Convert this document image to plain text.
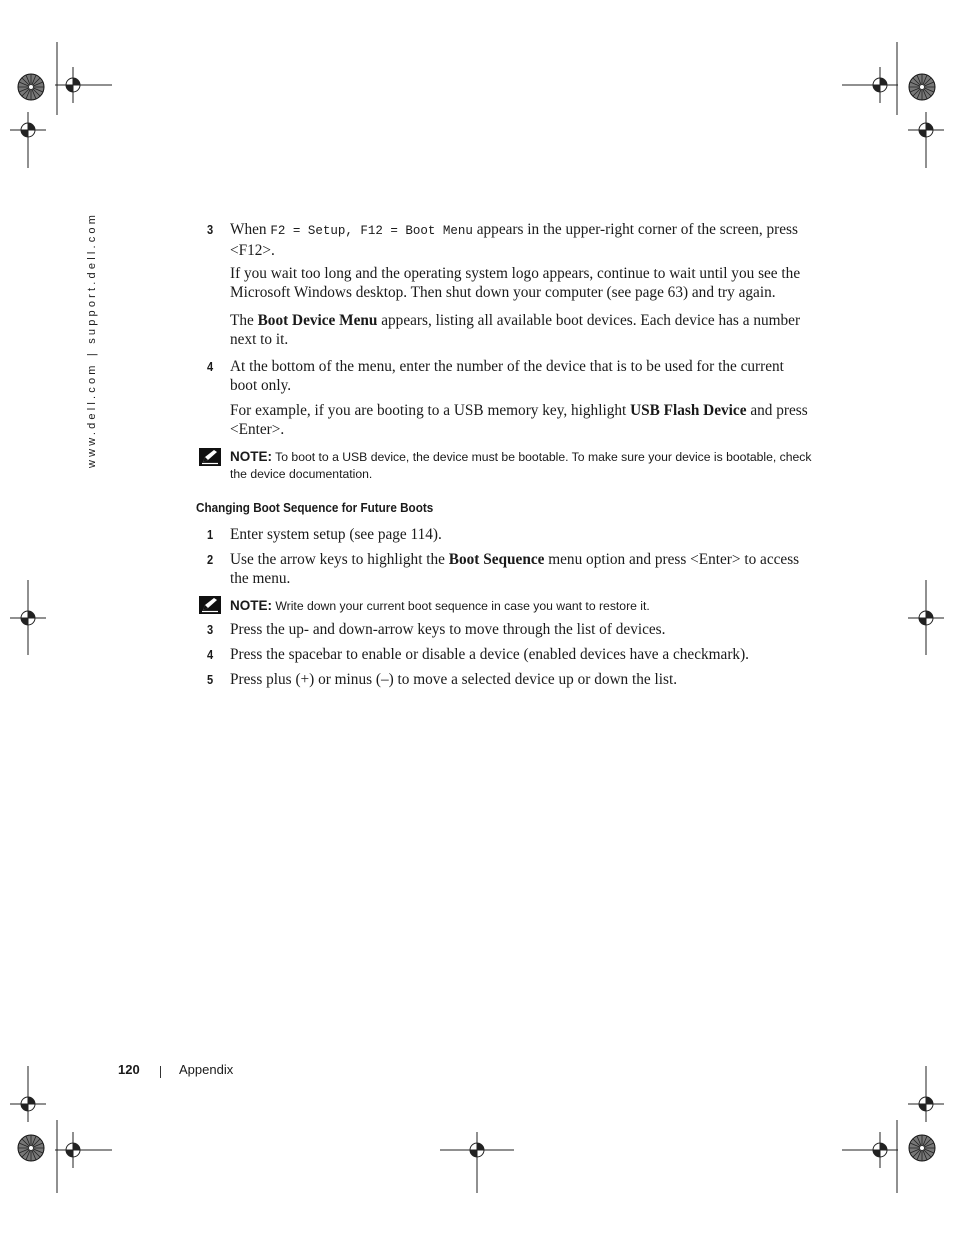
www.dell.com | support.dell.com	3	When F2 = Setup, F12 = Boot Menu appears in the upper-right corner of the screen, press <F12>.
If you wait too long and the operating system logo appears, continue to wait until you see the Microsoft Windows desktop. Then shut down your computer (see page 63) and try again.
The Boot Device Menu appears, listing all available boot devices. Each device has a number next to it.
4	At the bottom of the menu, enter the number of the device that is to be used for the current boot only.
For example, if you are booting to a USB memory key, highlight USB Flash Device and press <Enter>.
NOTE: To boot to a USB device, the device must be bootable. To make sure your device is bootable, check the device documentation.
Changing Boot Sequence for Future Boots
1	Enter system setup (see page 114).
2	Use the arrow keys to highlight the Boot Sequence menu option and press <Enter> to access the menu.
NOTE: Write down your current boot sequence in case you want to restore it.
3	Press the up- and down-arrow keys to move through the list of devices.
4	Press the spacebar to enable or disable a device (enabled devices have a checkmark).
5	Press plus (+) or minus (–) to move a selected device up or down the list.
120	Appendix
